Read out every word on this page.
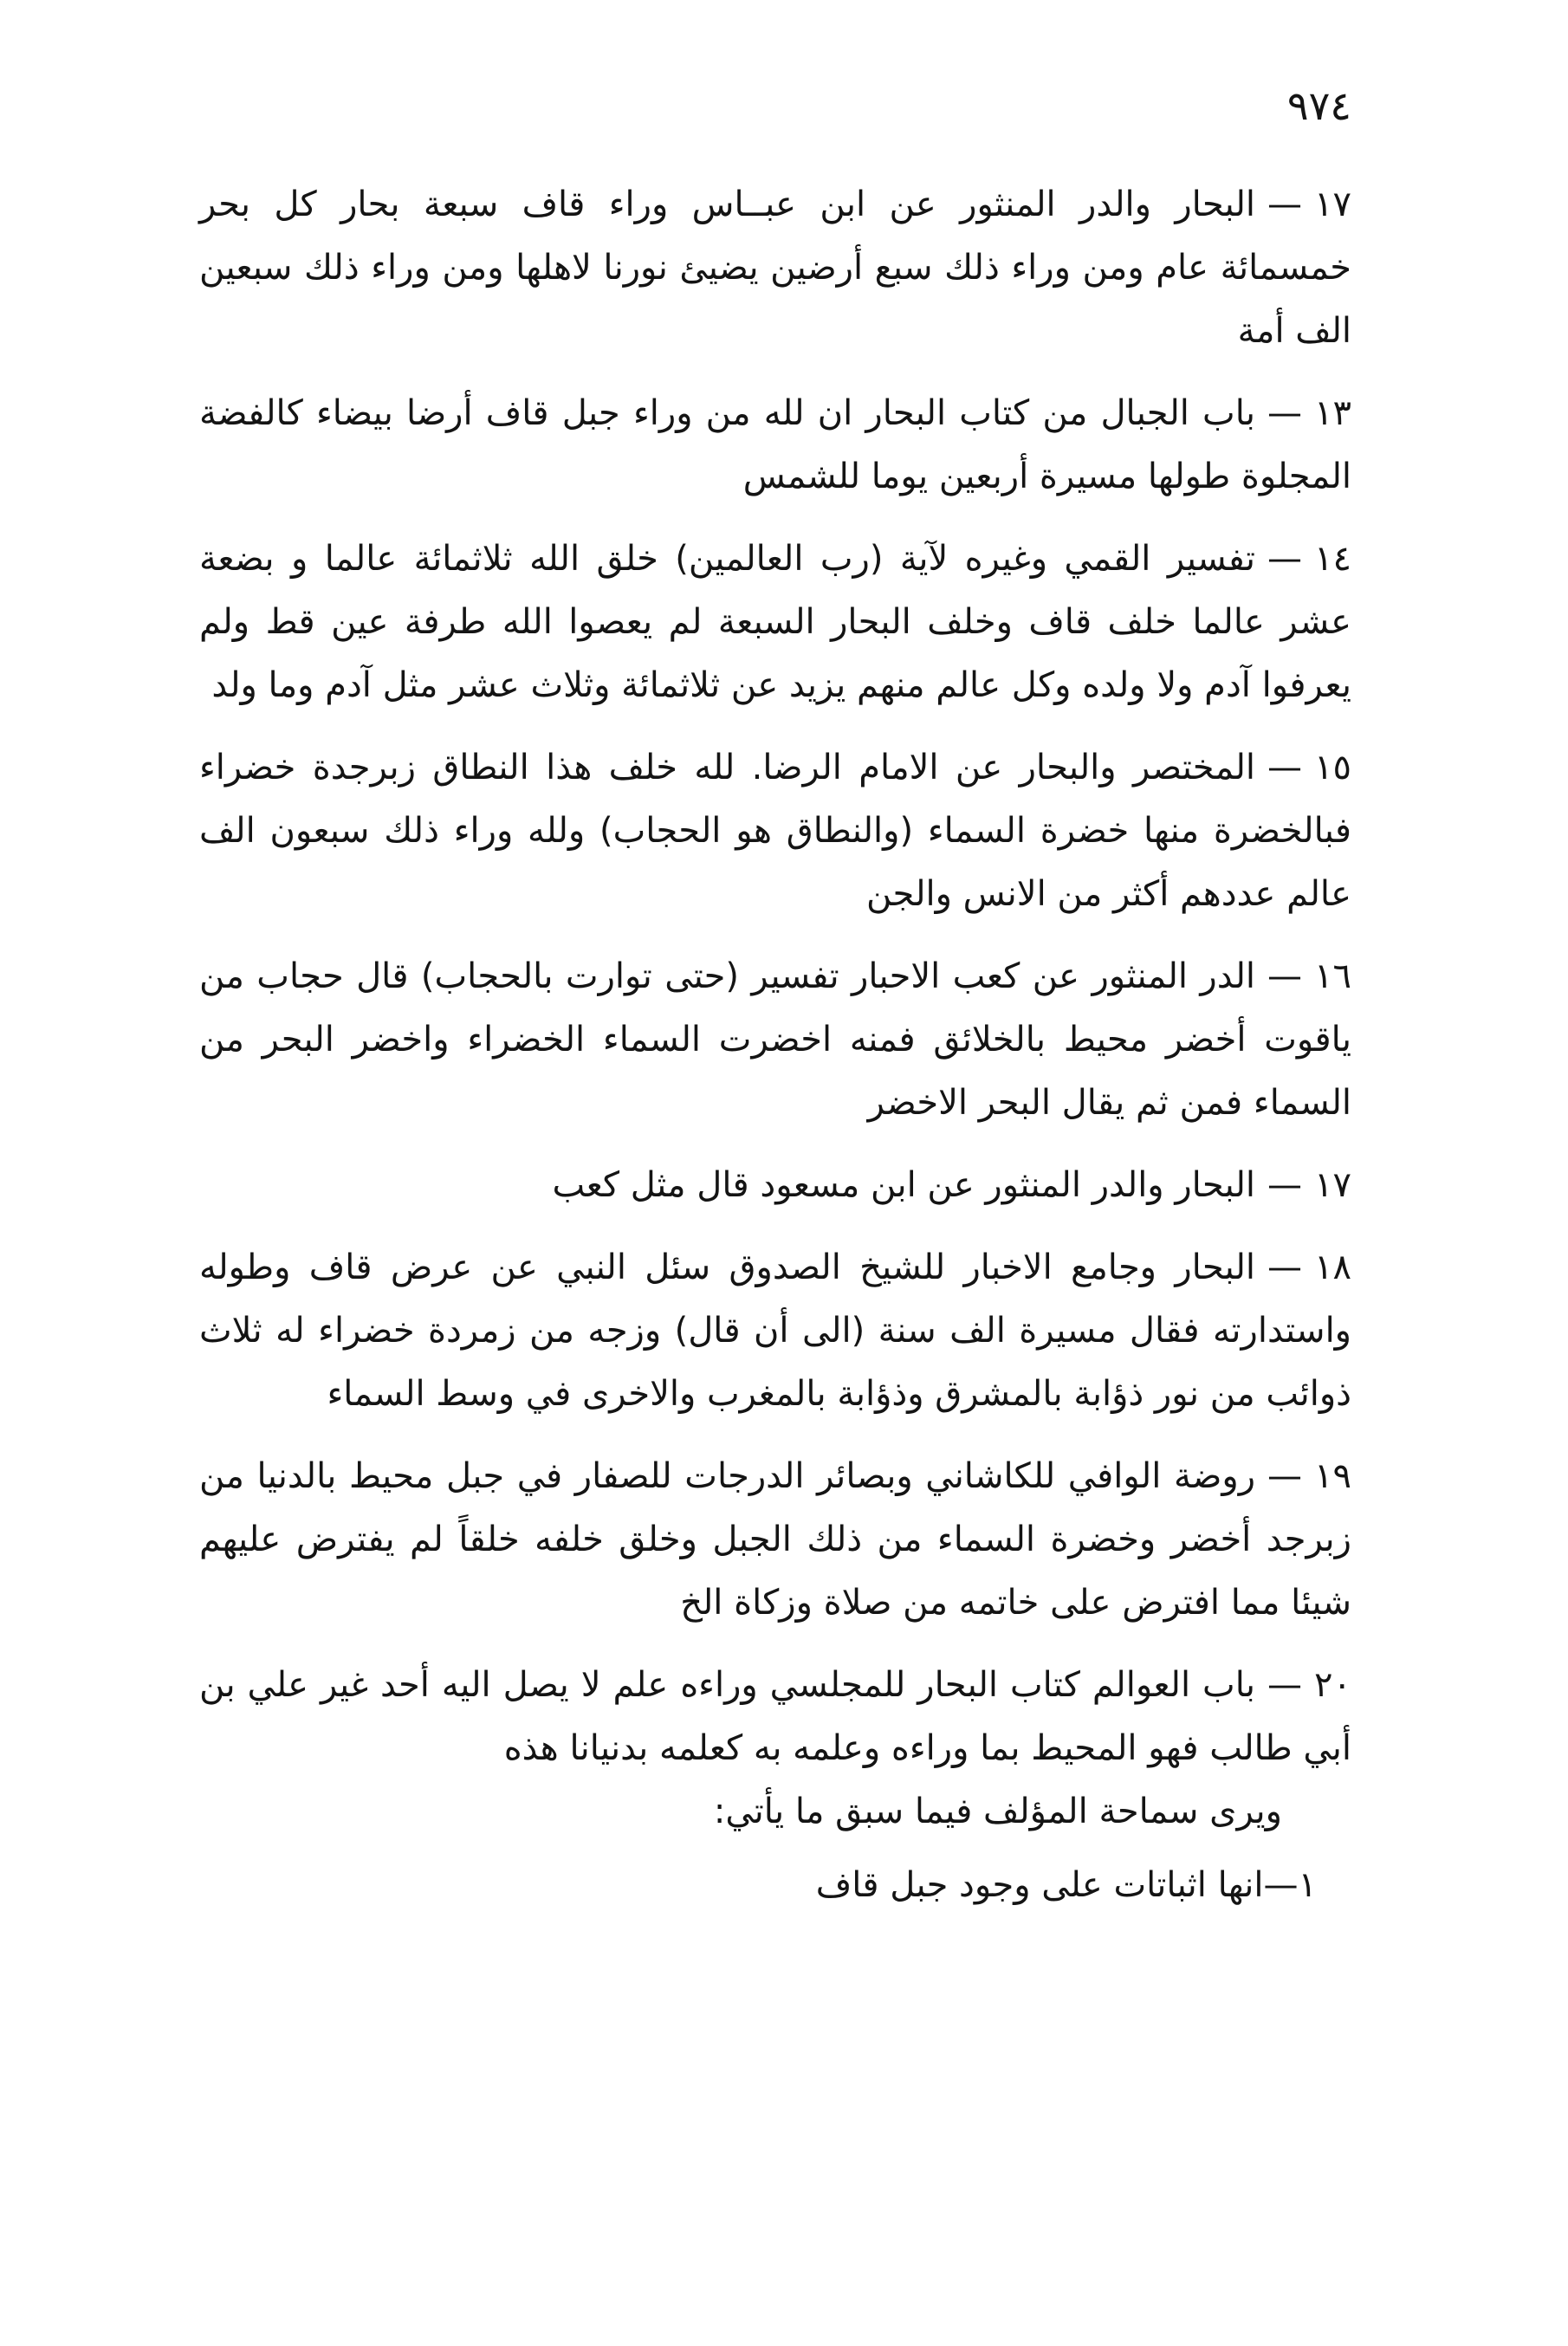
٩٧٤

١٧—البحار والدر المنثور عن ابن عبــاس وراء قاف سبعة بحار كل بحر خمسمائة عام ومن وراء ذلك سبع أرضين يضيئ نورنا لاهلها ومن وراء ذلك سبعين الف أمة

١٣—باب الجبال من كتاب البحار ان لله من وراء جبل قاف أرضا بيضاء كالفضة المجلوة طولها مسيرة أربعين يوما للشمس

١٤—تفسير القمي وغيره لآية (رب العالمين) خلق الله ثلاثمائة عالما و بضعة عشر عالما خلف قاف وخلف البحار السبعة لم يعصوا الله طرفة عين قط ولم يعرفوا آدم ولا ولده وكل عالم منهم يزيد عن ثلاثمائة وثلاث عشر مثل آدم وما ولد

١٥—المختصر والبحار عن الامام الرضا. لله خلف هذا النطاق زبرجدة خضراء فبالخضرة منها خضرة السماء (والنطاق هو الحجاب) ولله وراء ذلك سبعون الف عالم عددهم أكثر من الانس والجن

١٦—الدر المنثور عن كعب الاحبار تفسير (حتى توارت بالحجاب) قال حجاب من ياقوت أخضر محيط بالخلائق فمنه اخضرت السماء الخضراء واخضر البحر من السماء فمن ثم يقال البحر الاخضر

١٧—البحار والدر المنثور عن ابن مسعود قال مثل كعب

١٨—البحار وجامع الاخبار للشيخ الصدوق سئل النبي عن عرض قاف وطوله واستدارته فقال مسيرة الف سنة (الى أن قال) وزجه من زمردة خضراء له ثلاث ذوائب من نور ذؤابة بالمشرق وذؤابة بالمغرب والاخرى في وسط السماء

١٩—روضة الوافي للكاشاني وبصائر الدرجات للصفار في جبل محيط بالدنيا من زبرجد أخضر وخضرة السماء من ذلك الجبل وخلق خلفه خلقاً لم يفترض عليهم شيئا مما افترض على خاتمه من صلاة وزكاة الخ

٢٠—باب العوالم كتاب البحار للمجلسي وراءه علم لا يصل اليه أحد غير علي بن أبي طالب فهو المحيط بما وراءه وعلمه به كعلمه بدنيانا هذه

ويرى سماحة المؤلف فيما سبق ما يأتي:

١—انها اثباتات على وجود جبل قاف
